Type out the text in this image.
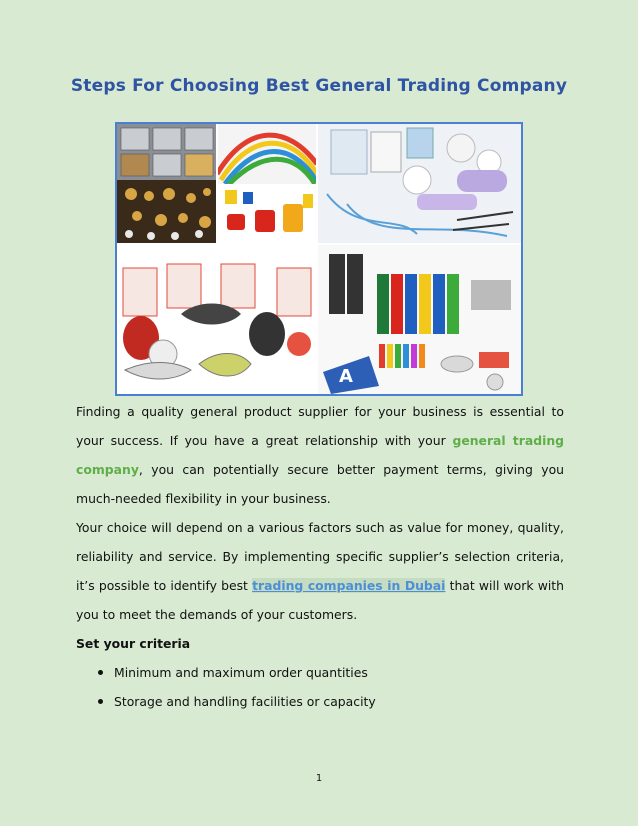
Steps For Choosing Best General Trading Company
A

Finding a quality general product supplier for your business is essential to your success. If you have a great relationship with your general trading company, you can potentially secure better payment terms, giving you much-needed flexibility in your business.

Your choice will depend on a various factors such as value for money, quality, reliability and service. By implementing specific supplier’s selection criteria, it’s possible to identify best trading companies in Dubai that will work with you to meet the demands of your customers.

Set your criteria

Minimum and maximum order quantities
Storage and handling facilities or capacity
1
